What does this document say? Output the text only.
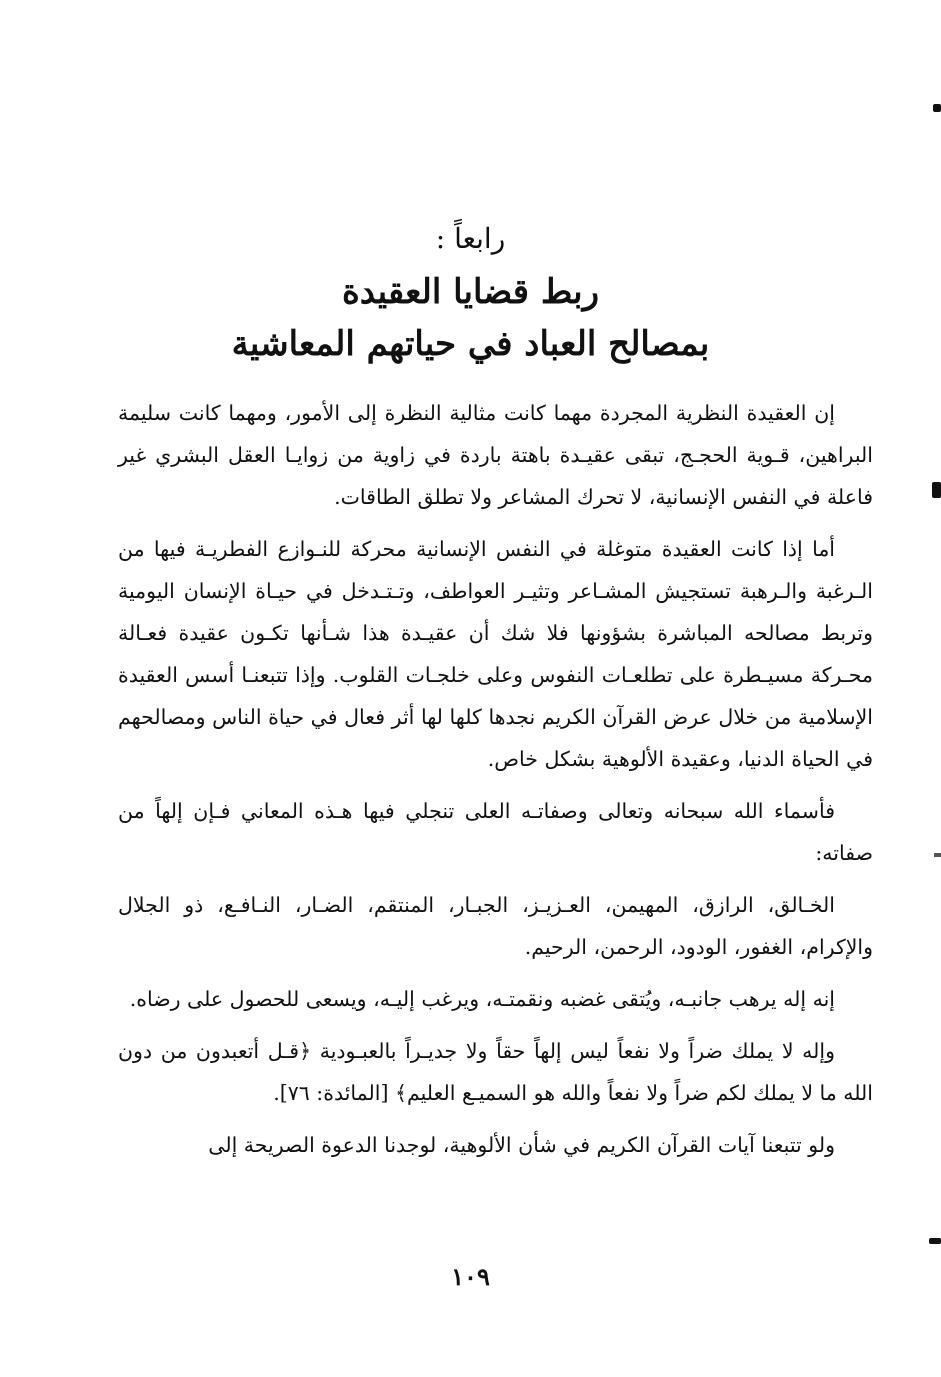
رابعاً :
ربط قضايا العقيدة
بمصالح العباد في حياتهم المعاشية

إن العقيدة النظرية المجردة مهما كانت مثالية النظرة إلى الأمور، ومهما كانت سليمة البراهين، قـوية الحجـج، تبقى عقيـدة باهتة باردة في زاوية من زوايـا العقل البشري غير فاعلة في النفس الإنسانية، لا تحرك المشاعر ولا تطلق الطاقات.

أما إذا كانت العقيدة متوغلة في النفس الإنسانية محركة للنـوازع الفطريـة فيها من الـرغبة والـرهبة تستجيش المشـاعر وتثيـر العواطف، وتـتـدخل في حيـاة الإنسان اليومية وتربط مصالحه المباشرة بشؤونها فلا شك أن عقيـدة هذا شـأنها تكـون عقيدة فعـالة محـركة مسيـطرة على تطلعـات النفوس وعلى خلجـات القلوب. وإذا تتبعنـا أسس العقيدة الإسلامية من خلال عرض القرآن الكريم نجدها كلها لها أثر فعال في حياة الناس ومصالحهم في الحياة الدنيا، وعقيدة الألوهية بشكل خاص.

فأسماء الله سبحانه وتعالى وصفاتـه العلى تنجلي فيها هـذه المعاني فـإن إلهاً من صفاته:

الخـالق، الرازق، المهيمن، العـزيـز، الجبـار، المنتقم، الضـار، النـافـع، ذو الجلال والإكرام، الغفور، الودود، الرحمن، الرحيم.

إنه إله يرهب جانبـه، ويُتقى غضبه ونقمتـه، ويرغب إليـه، ويسعى للحصول على رضاه.

وإله لا يملك ضراً ولا نفعاً ليس إلهاً حقاً ولا جديـراً بالعبـودية ﴿قـل أتعبدون من دون الله ما لا يملك لكم ضراً ولا نفعاً والله هو السميـع العليم﴾ [المائدة: ٧٦].

ولو تتبعنا آيات القرآن الكريم في شأن الألوهية، لوجدنا الدعوة الصريحة إلى

١٠٩
